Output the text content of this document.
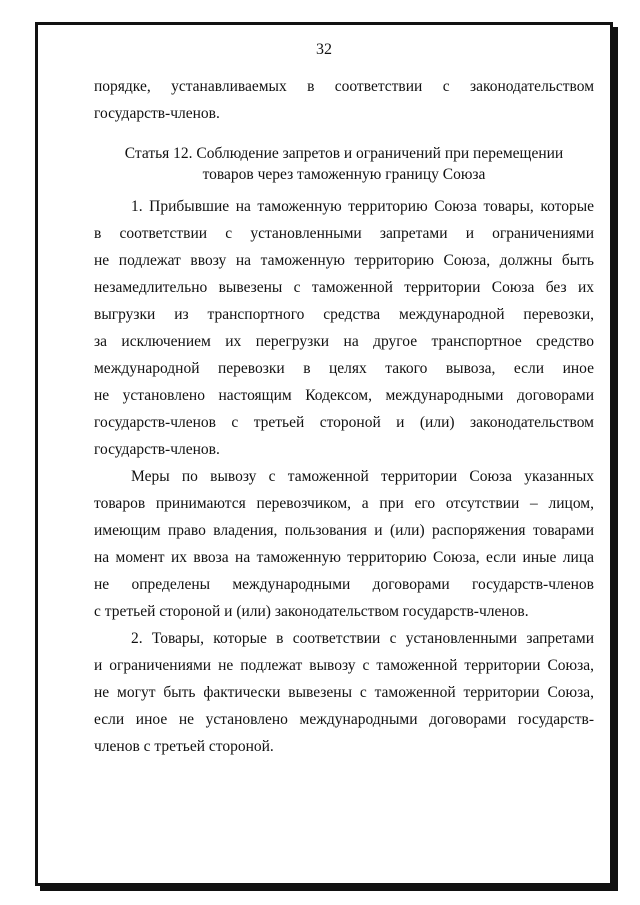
32
порядке, устанавливаемых в соответствии с законодательством
государств-членов.
Статья 12. Соблюдение запретов и ограничений при перемещении
товаров через таможенную границу Союза
1. Прибывшие на таможенную территорию Союза товары, которые
в соответствии с установленными запретами и ограничениями
не подлежат ввозу на таможенную территорию Союза, должны быть
незамедлительно вывезены с таможенной территории Союза без их
выгрузки из транспортного средства международной перевозки,
за исключением их перегрузки на другое транспортное средство
международной перевозки в целях такого вывоза, если иное
не установлено настоящим Кодексом, международными договорами
государств-членов с третьей стороной и (или) законодательством
государств-членов.
Меры по вывозу с таможенной территории Союза указанных
товаров принимаются перевозчиком, а при его отсутствии – лицом,
имеющим право владения, пользования и (или) распоряжения товарами
на момент их ввоза на таможенную территорию Союза, если иные лица
не определены международными договорами государств-членов
с третьей стороной и (или) законодательством государств-членов.
2. Товары, которые в соответствии с установленными запретами
и ограничениями не подлежат вывозу с таможенной территории Союза,
не могут быть фактически вывезены с таможенной территории Союза,
если иное не установлено международными договорами государств-
членов с третьей стороной.
